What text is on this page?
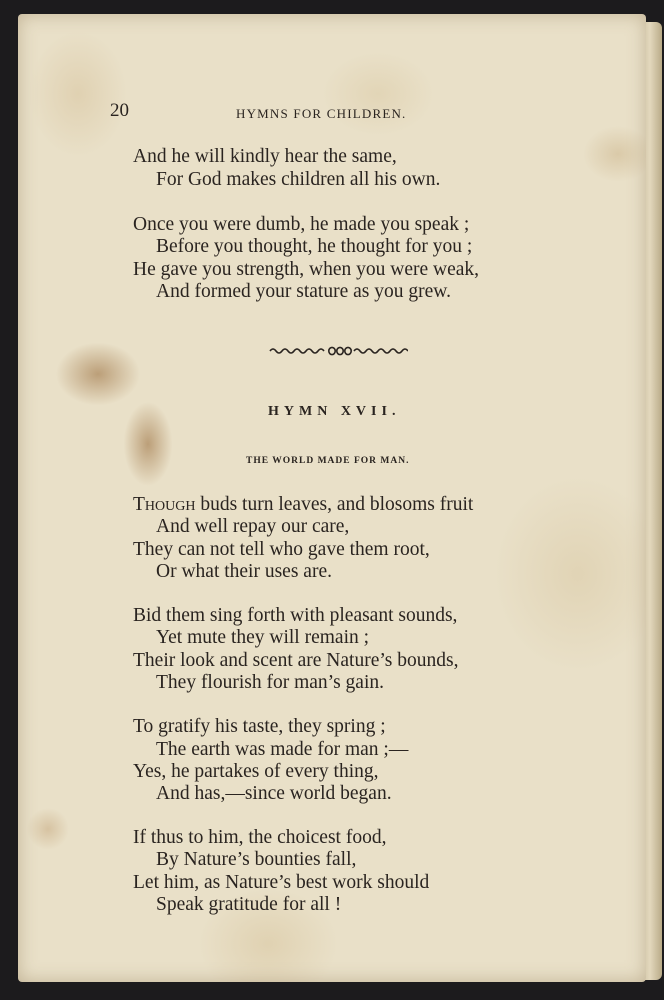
20	HYMNS FOR CHILDREN.
And he will kindly hear the same,
For God makes children all his own.
Once you were dumb, he made you speak ;
Before you thought, he thought for you ;
He gave you strength, when you were weak,
And formed your stature as you grew.
HYMN XVII.
THE WORLD MADE FOR MAN.
Though buds turn leaves, and blosoms fruit
And well repay our care,
They can not tell who gave them root,
Or what their uses are.
Bid them sing forth with pleasant sounds,
Yet mute they will remain ;
Their look and scent are Nature’s bounds,
They flourish for man’s gain.
To gratify his taste, they spring ;
The earth was made for man ;—
Yes, he partakes of every thing,
And has,—since world began.
If thus to him, the choicest food,
By Nature’s bounties fall,
Let him, as Nature’s best work should
Speak gratitude for all !
